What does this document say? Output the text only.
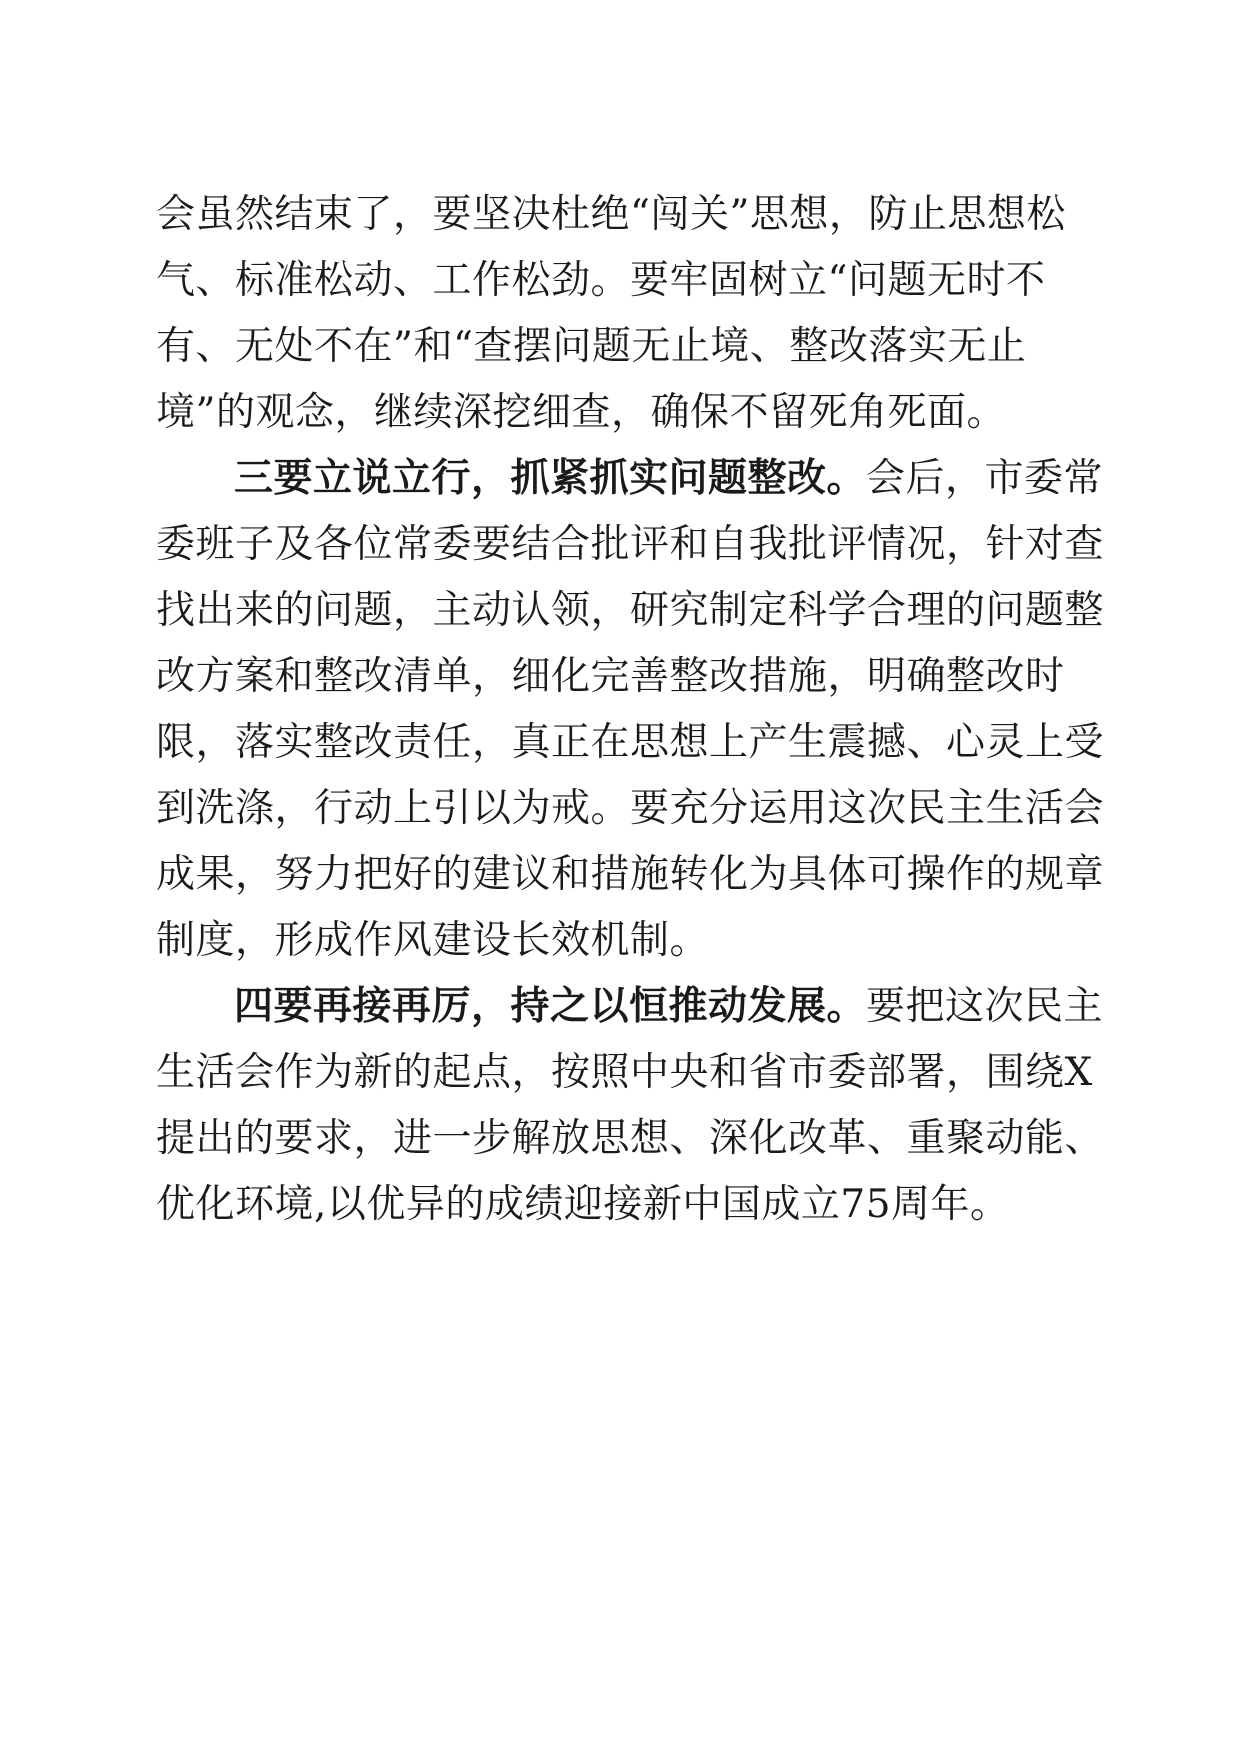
会虽然结束了，要坚决杜绝“闯关”思想，防止思想松
气、标准松动、工作松劲。要牢固树立“问题无时不
有、无处不在”和“查摆问题无止境、整改落实无止
境”的观念，继续深挖细查，确保不留死角死面。

三要立说立行，抓紧抓实问题整改。会后，市委常
委班子及各位常委要结合批评和自我批评情况，针对查
找出来的问题，主动认领，研究制定科学合理的问题整
改方案和整改清单，细化完善整改措施，明确整改时
限，落实整改责任，真正在思想上产生震撼、心灵上受
到洗涤，行动上引以为戒。要充分运用这次民主生活会
成果，努力把好的建议和措施转化为具体可操作的规章
制度，形成作风建设长效机制。

四要再接再厉，持之以恒推动发展。要把这次民主
生活会作为新的起点，按照中央和省市委部署，围绕X
提出的要求，进一步解放思想、深化改革、重聚动能、
优化环境,以优异的成绩迎接新中国成立75周年。
